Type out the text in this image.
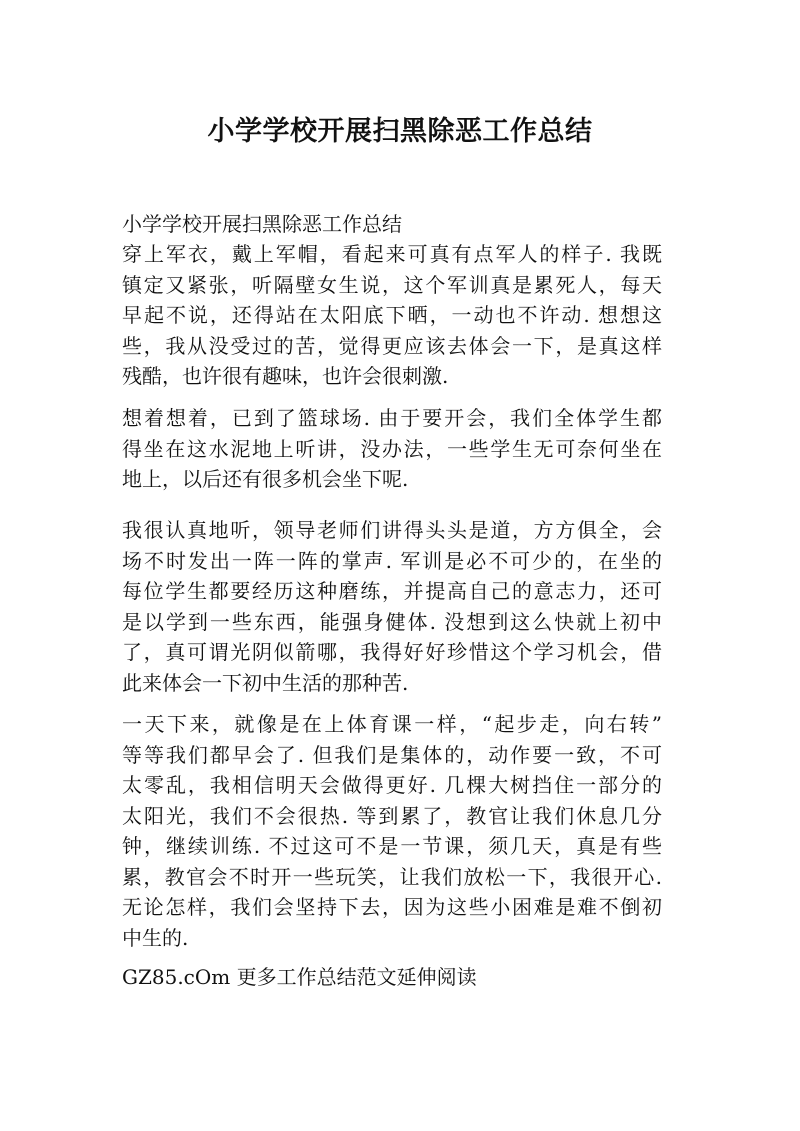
小学学校开展扫黑除恶工作总结

小学学校开展扫黑除恶工作总结

穿上军衣，戴上军帽，看起来可真有点军人的样子. 我既
镇定又紧张，听隔壁女生说，这个军训真是累死人，每天
早起不说，还得站在太阳底下晒，一动也不许动. 想想这
些，我从没受过的苦，觉得更应该去体会一下，是真这样
残酷，也许很有趣味，也许会很刺激.
想着想着，已到了篮球场. 由于要开会，我们全体学生都
得坐在这水泥地上听讲，没办法，一些学生无可奈何坐在
地上，以后还有很多机会坐下呢.
我很认真地听，领导老师们讲得头头是道，方方俱全，会
场不时发出一阵一阵的掌声. 军训是必不可少的，在坐的
每位学生都要经历这种磨练，并提高自己的意志力，还可
是以学到一些东西，能强身健体. 没想到这么快就上初中
了，真可谓光阴似箭哪，我得好好珍惜这个学习机会，借
此来体会一下初中生活的那种苦.
一天下来，就像是在上体育课一样，“起步走，向右转”
等等我们都早会了. 但我们是集体的，动作要一致，不可
太零乱，我相信明天会做得更好. 几棵大树挡住一部分的
太阳光，我们不会很热. 等到累了，教官让我们休息几分
钟，继续训练. 不过这可不是一节课，须几天，真是有些
累，教官会不时开一些玩笑，让我们放松一下，我很开心.
无论怎样，我们会坚持下去，因为这些小困难是难不倒初
中生的.

GZ85.cOm 更多工作总结范文延伸阅读
